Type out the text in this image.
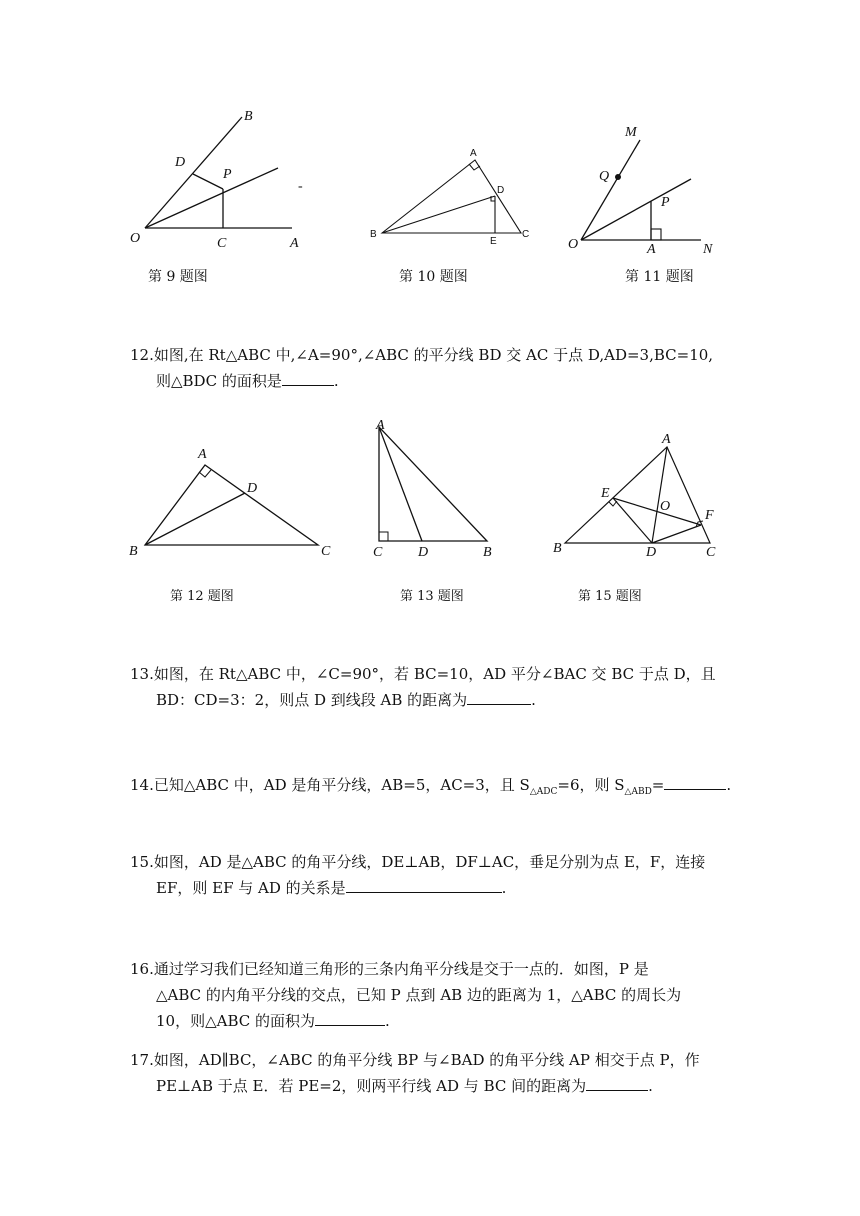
B
D
P
O	C	A
-
第 9 题图
A
D
B
E
C
第 10 题图
M
Q
P
O	A	N
第 11 题图
12.如图,在 Rt△ABC 中,∠A=90°,∠ABC 的平分线 BD 交 AC 于点 D,AD=3,BC=10,
则△BDC 的面积是	.
A
D
B	C
第 12 题图
A
C	D	B
第 13 题图
A
E
O
F
B	D	C
第 15 题图
13.如图，在 Rt△ABC 中，∠C=90°，若 BC=10，AD 平分∠BAC 交 BC 于点 D，且
BD：CD=3：2，则点 D 到线段 AB 的距离为	.
14.已知△ABC 中，AD 是角平分线，AB=5，AC=3，且 $S_{\triangle ADC}=6$，则 $S_{\triangle ABD}=$	.
15.如图，AD 是△ABC 的角平分线，DE⊥AB，DF⊥AC，垂足分别为点 E，F，连接
EF，则 EF 与 AD 的关系是	.
16.通过学习我们已经知道三角形的三条内角平分线是交于一点的．如图，P 是
△ABC 的内角平分线的交点，已知 P 点到 AB 边的距离为 1，△ABC 的周长为
10，则△ABC 的面积为	.
17.如图，AD∥BC，∠ABC 的角平分线 BP 与∠BAD 的角平分线 AP 相交于点 P，作
PE⊥AB 于点 E．若 PE=2，则两平行线 AD 与 BC 间的距离为	.
